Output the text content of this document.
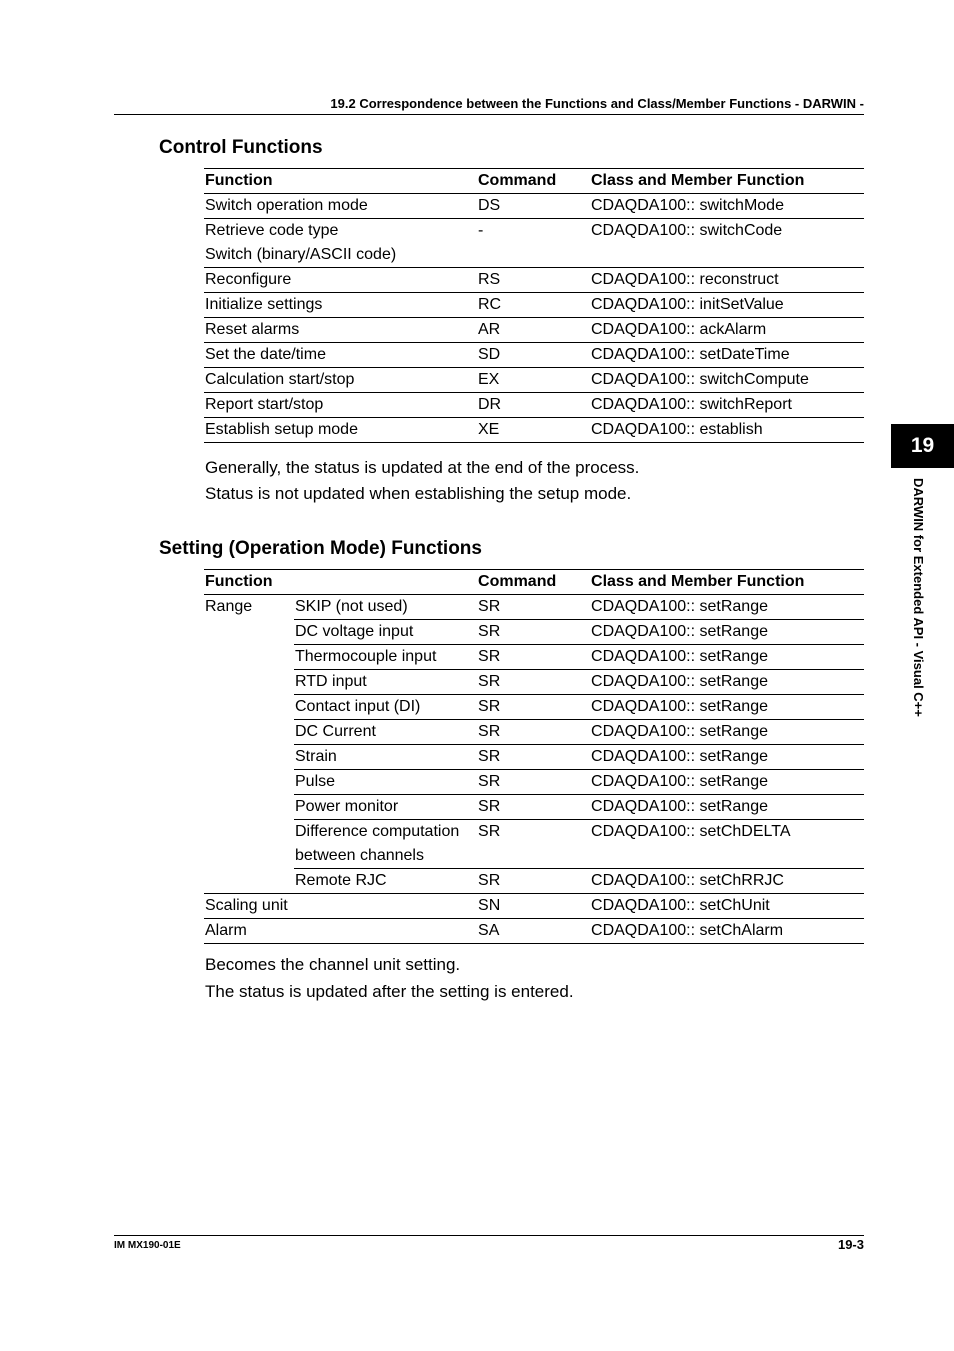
19.2 Correspondence between the Functions and Class/Member Functions - DARWIN -
Control Functions
Function	Command	Class and Member Function
Switch operation mode	DS	CDAQDA100:: switchMode
Retrieve code type	-	CDAQDA100:: switchCode
Switch (binary/ASCII code)		
Reconfigure	RS	CDAQDA100:: reconstruct
Initialize settings	RC	CDAQDA100:: initSetValue
Reset alarms	AR	CDAQDA100:: ackAlarm
Set the date/time	SD	CDAQDA100:: setDateTime
Calculation start/stop	EX	CDAQDA100:: switchCompute
Report start/stop	DR	CDAQDA100:: switchReport
Establish setup mode	XE	CDAQDA100:: establish
Generally, the status is updated at the end of the process.
Status is not updated when establishing the setup mode.
Setting (Operation Mode) Functions
Function		Command	Class and Member Function
Range	SKIP (not used)	SR	CDAQDA100:: setRange
	DC voltage input	SR	CDAQDA100:: setRange
	Thermocouple input	SR	CDAQDA100:: setRange
	RTD input	SR	CDAQDA100:: setRange
	Contact input (DI)	SR	CDAQDA100:: setRange
	DC Current	SR	CDAQDA100:: setRange
	Strain	SR	CDAQDA100:: setRange
	Pulse	SR	CDAQDA100:: setRange
	Power monitor	SR	CDAQDA100:: setRange
	Difference computation between channels	SR	CDAQDA100:: setChDELTA
	Remote RJC	SR	CDAQDA100:: setChRRJC
Scaling unit		SN	CDAQDA100:: setChUnit
Alarm		SA	CDAQDA100:: setChAlarm
Becomes the channel unit setting.
The status is updated after the setting is entered.
19
DARWIN for Extended API - Visual C++
IM MX190-01E	19-3
